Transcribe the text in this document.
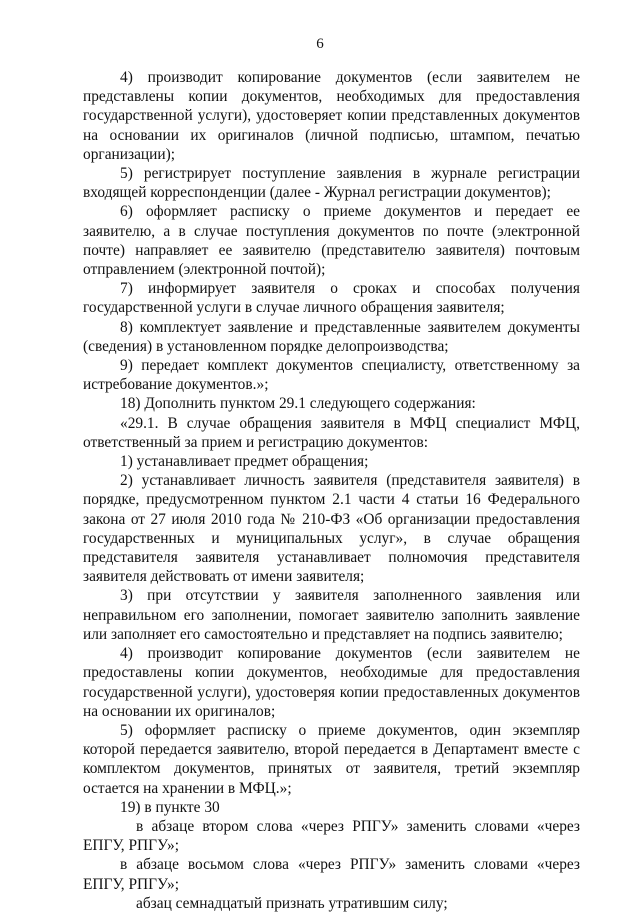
6

4) производит копирование документов (если заявителем не представлены копии документов, необходимых для предоставления государственной услуги), удостоверяет копии представленных документов на основании их оригиналов (личной подписью, штампом, печатью организации);

5) регистрирует поступление заявления в журнале регистрации входящей корреспонденции (далее - Журнал регистрации документов);

6) оформляет расписку о приеме документов и передает ее заявителю, а в случае поступления документов по почте (электронной почте) направляет ее заявителю (представителю заявителя) почтовым отправлением (электронной почтой);

7) информирует заявителя о сроках и способах получения государственной услуги в случае личного обращения заявителя;

8) комплектует заявление и представленные заявителем документы (сведения) в установленном порядке делопроизводства;

9) передает комплект документов специалисту, ответственному за истребование документов.»;

18) Дополнить пунктом 29.1 следующего содержания:

«29.1. В случае обращения заявителя в МФЦ специалист МФЦ, ответственный за прием и регистрацию документов:

1) устанавливает предмет обращения;

2) устанавливает личность заявителя (представителя заявителя) в порядке, предусмотренном пунктом 2.1 части 4 статьи 16 Федерального закона от 27 июля 2010 года № 210-ФЗ «Об организации предоставления государственных и муниципальных услуг», в случае обращения представителя заявителя устанавливает полномочия представителя заявителя действовать от имени заявителя;

3) при отсутствии у заявителя заполненного заявления или неправильном его заполнении, помогает заявителю заполнить заявление или заполняет его самостоятельно и представляет на подпись заявителю;

4) производит копирование документов (если заявителем не предоставлены копии документов, необходимые для предоставления государственной услуги), удостоверяя копии предоставленных документов на основании их оригиналов;

5) оформляет расписку о приеме документов, один экземпляр которой передается заявителю, второй передается в Департамент вместе с комплектом документов, принятых от заявителя, третий экземпляр остается на хранении в МФЦ.»;

19) в пункте 30

в абзаце втором слова «через РПГУ» заменить словами «через ЕПГУ, РПГУ»;

в абзаце восьмом слова «через РПГУ» заменить словами «через ЕПГУ, РПГУ»;

абзац семнадцатый признать утратившим силу;
